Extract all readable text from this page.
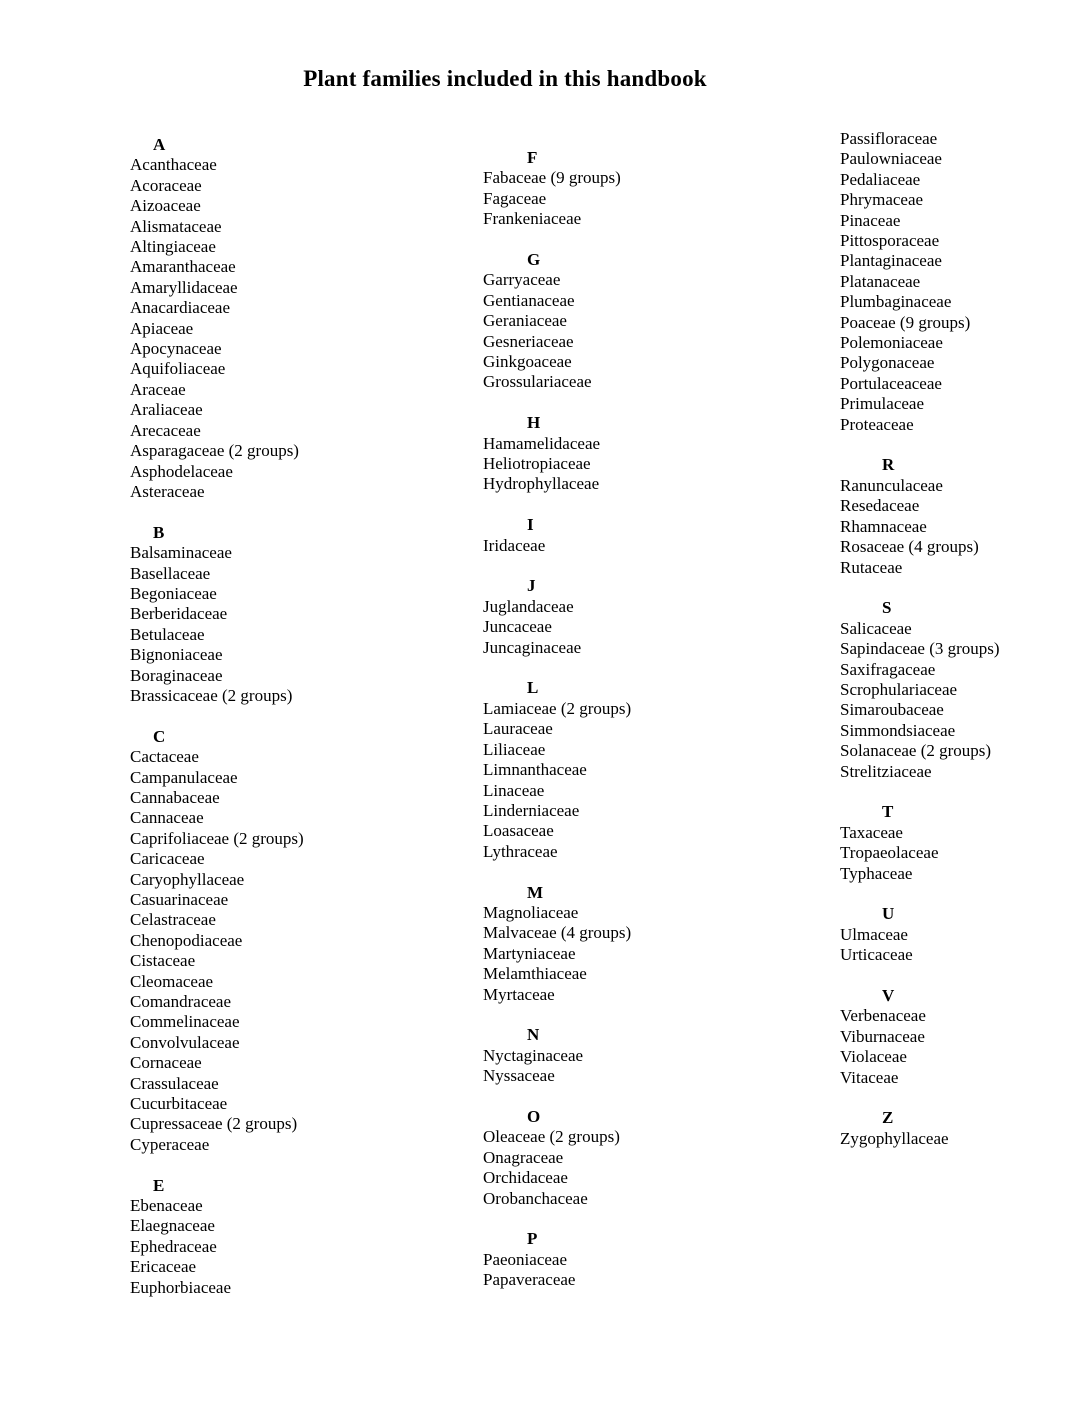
Plant families included in this handbook
A
Acanthaceae
Acoraceae
Aizoaceae
Alismataceae
Altingiaceae
Amaranthaceae
Amaryllidaceae
Anacardiaceae
Apiaceae
Apocynaceae
Aquifoliaceae
Araceae
Araliaceae
Arecaceae
Asparagaceae (2 groups)
Asphodelaceae
Asteraceae
B
Balsaminaceae
Basellaceae
Begoniaceae
Berberidaceae
Betulaceae
Bignoniaceae
Boraginaceae
Brassicaceae (2 groups)
C
Cactaceae
Campanulaceae
Cannabaceae
Cannaceae
Caprifoliaceae (2 groups)
Caricaceae
Caryophyllaceae
Casuarinaceae
Celastraceae
Chenopodiaceae
Cistaceae
Cleomaceae
Comandraceae
Commelinaceae
Convolvulaceae
Cornaceae
Crassulaceae
Cucurbitaceae
Cupressaceae (2 groups)
Cyperaceae
E
Ebenaceae
Elaegnaceae
Ephedraceae
Ericaceae
Euphorbiaceae
F
Fabaceae (9 groups)
Fagaceae
Frankeniaceae
G
Garryaceae
Gentianaceae
Geraniaceae
Gesneriaceae
Ginkgoaceae
Grossulariaceae
H
Hamamelidaceae
Heliotropiaceae
Hydrophyllaceae
I
Iridaceae
J
Juglandaceae
Juncaceae
Juncaginaceae
L
Lamiaceae (2 groups)
Lauraceae
Liliaceae
Limnanthaceae
Linaceae
Linderniaceae
Loasaceae
Lythraceae
M
Magnoliaceae
Malvaceae (4 groups)
Martyniaceae
Melamthiaceae
Myrtaceae
N
Nyctaginaceae
Nyssaceae
O
Oleaceae (2 groups)
Onagraceae
Orchidaceae
Orobanchaceae
P
Paeoniaceae
Papaveraceae
Passifloraceae
Paulowniaceae
Pedaliaceae
Phrymaceae
Pinaceae
Pittosporaceae
Plantaginaceae
Platanaceae
Plumbaginaceae
Poaceae (9 groups)
Polemoniaceae
Polygonaceae
Portulaceaceae
Primulaceae
Proteaceae
R
Ranunculaceae
Resedaceae
Rhamnaceae
Rosaceae (4 groups)
Rutaceae
S
Salicaceae
Sapindaceae (3 groups)
Saxifragaceae
Scrophulariaceae
Simaroubaceae
Simmondsiaceae
Solanaceae (2 groups)
Strelitziaceae
T
Taxaceae
Tropaeolaceae
Typhaceae
U
Ulmaceae
Urticaceae
V
Verbenaceae
Viburnaceae
Violaceae
Vitaceae
Z
Zygophyllaceae
